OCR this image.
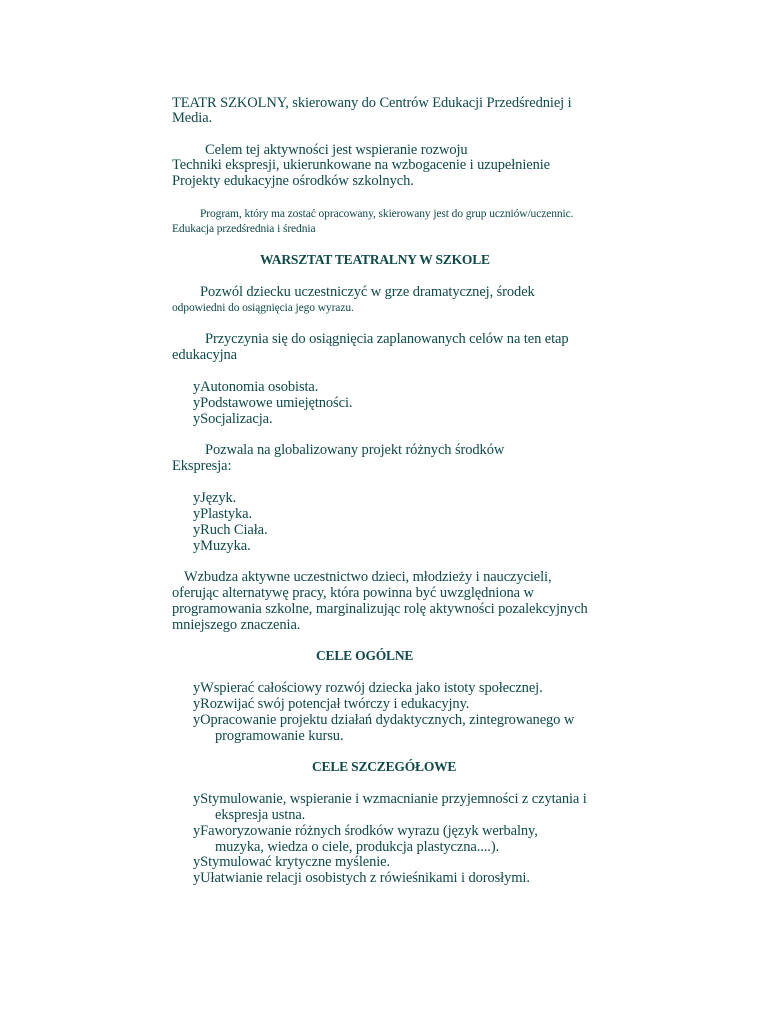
TEATR SZKOLNY, skierowany do Centrów Edukacji Przedśredniej i
Media.
Celem tej aktywności jest wspieranie rozwoju
Techniki ekspresji, ukierunkowane na wzbogacenie i uzupełnienie
Projekty edukacyjne ośrodków szkolnych.
Program, który ma zostać opracowany, skierowany jest do grup uczniów/uczennic.
Edukacja przedśrednia i średnia
WARSZTAT TEATRALNY W SZKOLE
Pozwól dziecku uczestniczyć w grze dramatycznej, środek
odpowiedni do osiągnięcia jego wyrazu.
Przyczynia się do osiągnięcia zaplanowanych celów na ten etap
edukacyjna
yAutonomia osobista.
yPodstawowe umiejętności.
ySocjalizacja.
Pozwala na globalizowany projekt różnych środków
Ekspresja:
yJęzyk.
yPlastyka.
yRuch Ciała.
yMuzyka.
Wzbudza aktywne uczestnictwo dzieci, młodzieży i nauczycieli,
oferując alternatywę pracy, która powinna być uwzględniona w
programowania szkolne, marginalizując rolę aktywności pozalekcyjnych
mniejszego znaczenia.
CELE OGÓLNE
yWspierać całościowy rozwój dziecka jako istoty społecznej.
yRozwijać swój potencjał twórczy i edukacyjny.
yOpracowanie projektu działań dydaktycznych, zintegrowanego w
programowanie kursu.
CELE SZCZEGÓŁOWE
yStymulowanie, wspieranie i wzmacnianie przyjemności z czytania i
ekspresja ustna.
yFaworyzowanie różnych środków wyrazu (język werbalny,
muzyka, wiedza o ciele, produkcja plastyczna....).
yStymulować krytyczne myślenie.
yUłatwianie relacji osobistych z rówieśnikami i dorosłymi.
